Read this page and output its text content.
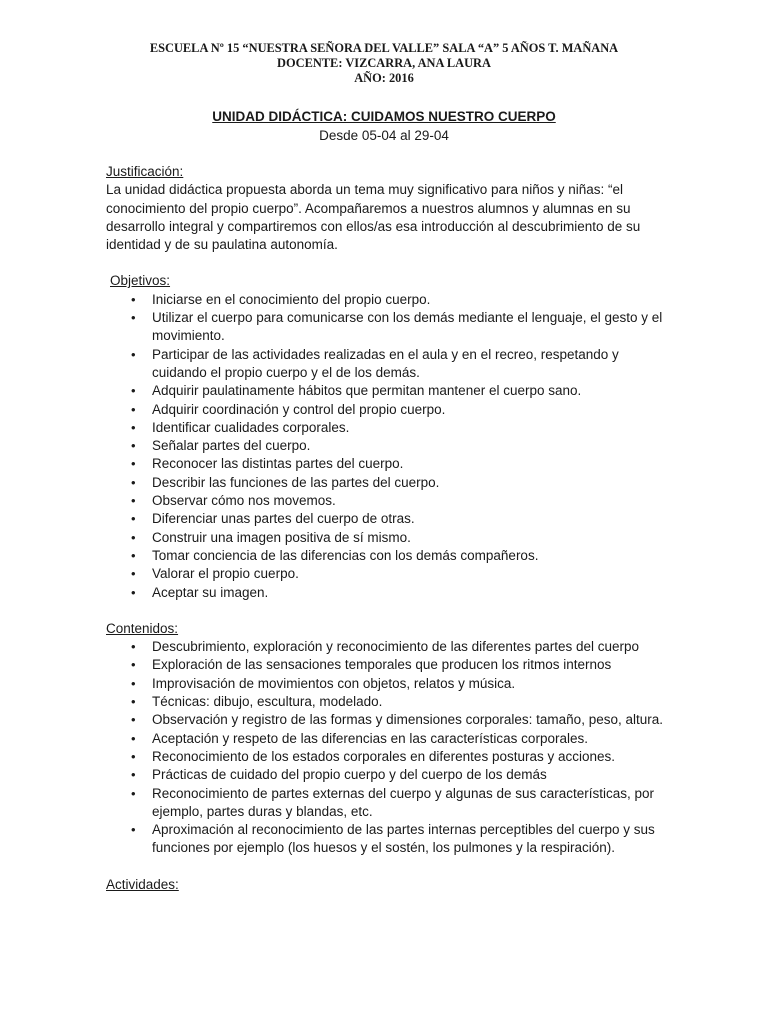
ESCUELA Nº 15 “NUESTRA SEÑORA DEL VALLE” SALA “A” 5 AÑOS T. MAÑANA
DOCENTE: VIZCARRA, ANA LAURA
AÑO: 2016
UNIDAD DIDÁCTICA: CUIDAMOS NUESTRO CUERPO
Desde 05-04 al 29-04
Justificación:

La unidad didáctica propuesta aborda un tema muy significativo para niños y niñas: “el conocimiento del propio cuerpo”. Acompañaremos a nuestros alumnos y alumnas en su desarrollo integral y compartiremos con ellos/as esa introducción al descubrimiento de su identidad y de su paulatina autonomía.

Objetivos:
• Iniciarse en el conocimiento del propio cuerpo.
• Utilizar el cuerpo para comunicarse con los demás mediante el lenguaje, el gesto y el movimiento.
• Participar de las actividades realizadas en el aula y en el recreo, respetando y cuidando el propio cuerpo y el de los demás.
• Adquirir paulatinamente hábitos que permitan mantener el cuerpo sano.
• Adquirir coordinación y control del propio cuerpo.
• Identificar cualidades corporales.
• Señalar partes del cuerpo.
• Reconocer las distintas partes del cuerpo.
• Describir las funciones de las partes del cuerpo.
• Observar cómo nos movemos.
• Diferenciar unas partes del cuerpo de otras.
• Construir una imagen positiva de sí mismo.
• Tomar conciencia de las diferencias con los demás compañeros.
• Valorar el propio cuerpo.
• Aceptar su imagen.
Contenidos:
• Descubrimiento, exploración y reconocimiento de las diferentes partes del cuerpo
• Exploración de las sensaciones temporales que producen los ritmos internos
• Improvisación de movimientos con objetos, relatos y música.
• Técnicas: dibujo, escultura, modelado.
• Observación y registro de las formas y dimensiones corporales: tamaño, peso, altura.
• Aceptación y respeto de las diferencias en las características corporales.
• Reconocimiento de los estados corporales en diferentes posturas y acciones.
• Prácticas de cuidado del propio cuerpo y del cuerpo de los demás
• Reconocimiento de partes externas del cuerpo y algunas de sus características, por ejemplo, partes duras y blandas, etc.
• Aproximación al reconocimiento de las partes internas perceptibles del cuerpo y sus funciones por ejemplo (los huesos y el sostén, los pulmones y la respiración).
Actividades:
